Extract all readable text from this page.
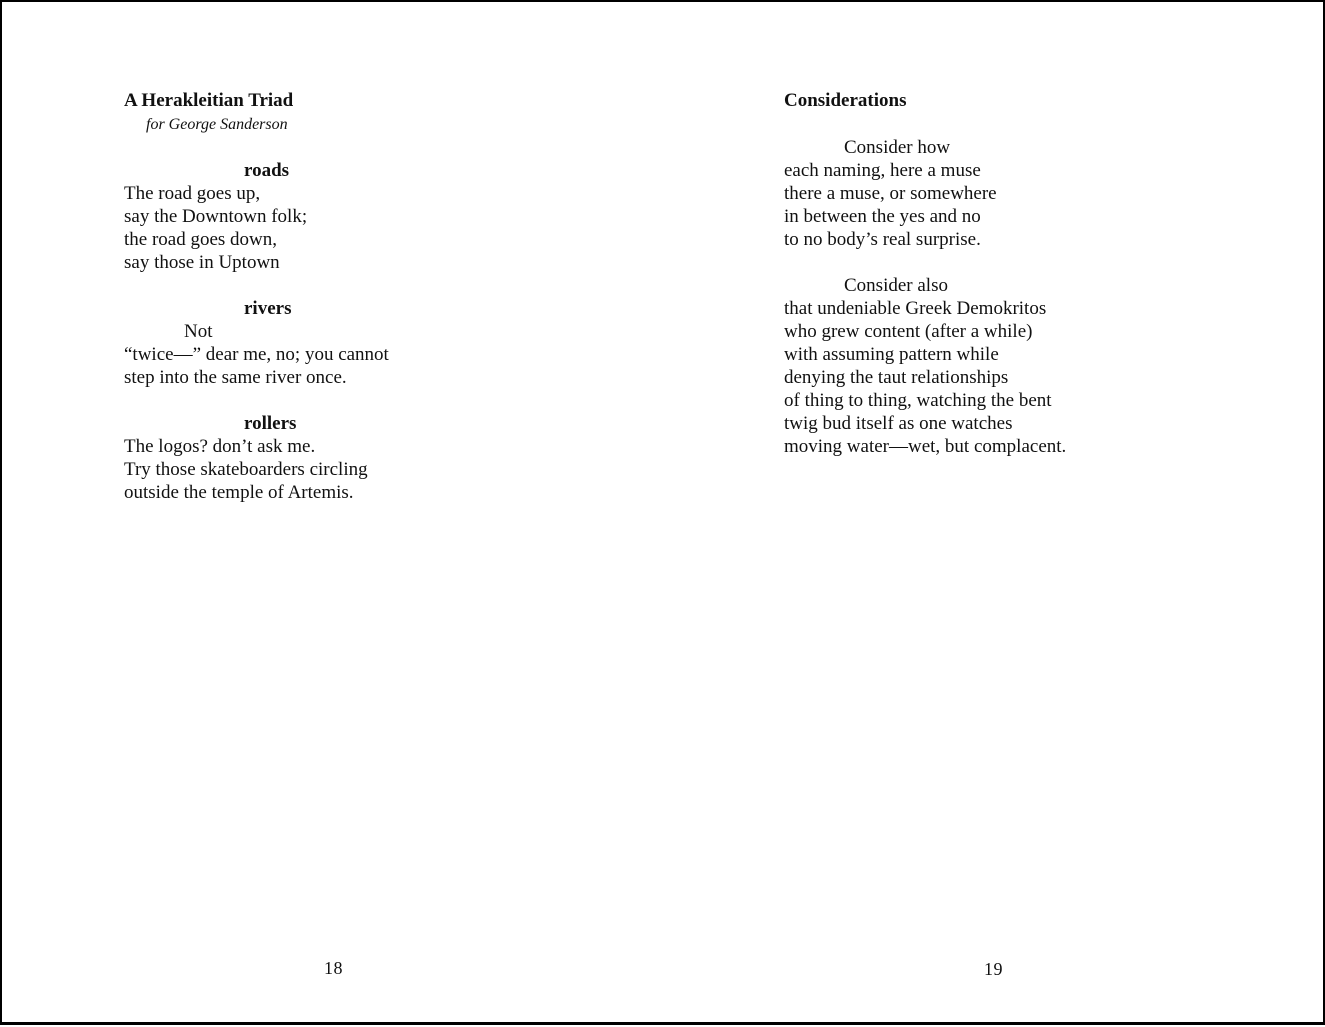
A Herakleitian Triad
for George Sanderson
roads
The road goes up,
say the Downtown folk;
the road goes down,
say those in Uptown
rivers
Not
“twice—” dear me, no; you cannot
step into the same river once.
rollers
The logos? don’t ask me.
Try those skateboarders circling
outside the temple of Artemis.
18
Considerations
Consider how
each naming, here a muse
there a muse, or somewhere
in between the yes and no
to no body’s real surprise.
Consider also
that undeniable Greek Demokritos
who grew content (after a while)
with assuming pattern while
denying the taut relationships
of thing to thing, watching the bent
twig bud itself as one watches
moving water—wet, but complacent.
19
